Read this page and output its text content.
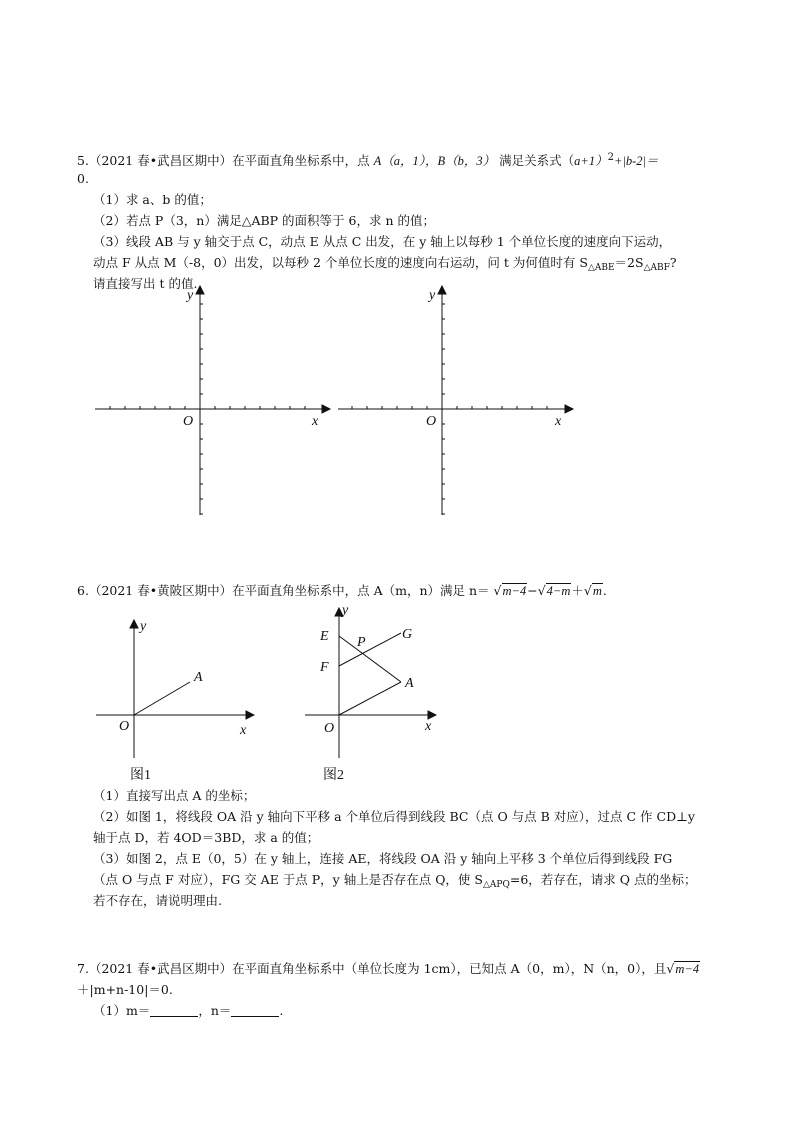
5.（2021 春•武昌区期中）在平面直角坐标系中，点 A（a，1），B（b，3） 满足关系式$(a+1)^2+|b-2|=$
0.
（1）求 a、b 的值；
（2）若点 P（3，n）满足△ABP 的面积等于 6，求 n 的值；
（3）线段 AB 与 y 轴交于点 C，动点 E 从点 C 出发，在 y 轴上以每秒 1 个单位长度的速度向下运动，
动点 F 从点 M（-8，0）出发，以每秒 2 个单位长度的速度向右运动，问 t 为何值时有 $S_{\triangle ABE}=2S_{\triangle ABF}$?
请直接写出 t 的值.
y
x
O
y
x
O
6.（2021 春•黄陂区期中）在平面直角坐标系中，点 A（m，n）满足 n＝ √m−4−√4−m＋√m.
y
x
O
A
y
x
O
A
E
F
G
P
图1	图2
（1）直接写出点 A 的坐标；
（2）如图 1，将线段 OA 沿 y 轴向下平移 a 个单位后得到线段 BC（点 O 与点 B 对应），过点 C 作 CD⊥y
轴于点 D，若 4OD＝3BD，求 a 的值；
（3）如图 2，点 E（0，5）在 y 轴上，连接 AE，将线段 OA 沿 y 轴向上平移 3 个单位后得到线段 FG
（点 O 与点 F 对应），FG 交 AE 于点 P，y 轴上是否存在点 Q，使 $S_{\triangle APQ}=6$，若存在，请求 Q 点的坐标；
若不存在，请说明理由.
7.（2021 春•武昌区期中）在平面直角坐标系中（单位长度为 1cm），已知点 A（0，m），N（n，0），且√m−4
＋|m+n-10|＝0.
（1）m＝	，n＝	.
